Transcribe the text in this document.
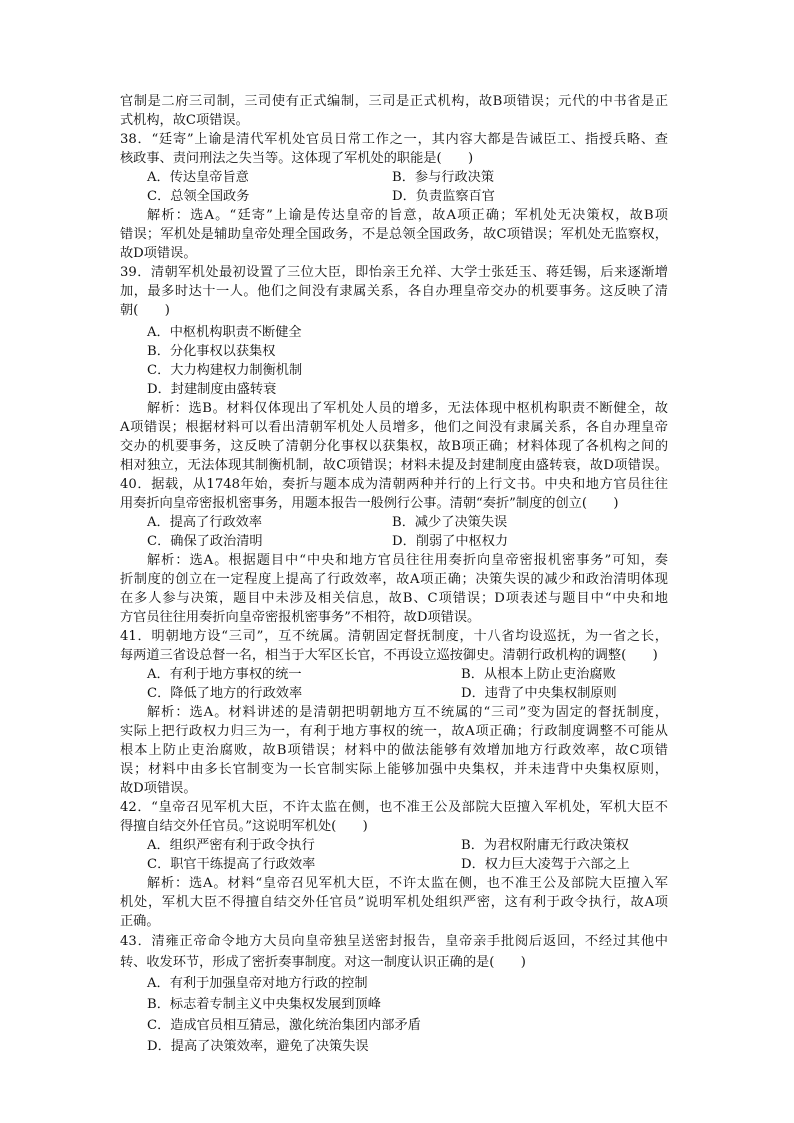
官制是二府三司制，三司使有正式编制，三司是正式机构，故B项错误；元代的中书省是正
式机构，故C项错误。
38．“廷寄”上谕是清代军机处官员日常工作之一，其内容大都是告诫臣工、指授兵略、查
核政事、责问刑法之失当等。这体现了军机处的职能是(　　)
A．传达皇帝旨意	B．参与行政决策
C．总领全国政务	D．负责监察百官
解析：选A。“廷寄”上谕是传达皇帝的旨意，故A项正确；军机处无决策权，故B项
错误；军机处是辅助皇帝处理全国政务，不是总领全国政务，故C项错误；军机处无监察权，
故D项错误。
39．清朝军机处最初设置了三位大臣，即怡亲王允祥、大学士张廷玉、蒋廷锡，后来逐渐增
加，最多时达十一人。他们之间没有隶属关系，各自办理皇帝交办的机要事务。这反映了清
朝(　　)
A．中枢机构职责不断健全
B．分化事权以获集权
C．大力构建权力制衡机制
D．封建制度由盛转衰
解析：选B。材料仅体现出了军机处人员的增多，无法体现中枢机构职责不断健全，故
A项错误；根据材料可以看出清朝军机处人员增多，他们之间没有隶属关系，各自办理皇帝
交办的机要事务，这反映了清朝分化事权以获集权，故B项正确；材料体现了各机构之间的
相对独立，无法体现其制衡机制，故C项错误；材料未提及封建制度由盛转衰，故D项错误。
40．据载，从1748年始，奏折与题本成为清朝两种并行的上行文书。中央和地方官员往往
用奏折向皇帝密报机密事务，用题本报告一般例行公事。清朝“奏折”制度的创立(　　)
A．提高了行政效率	B．减少了决策失误
C．确保了政治清明	D．削弱了中枢权力
解析：选A。根据题目中“中央和地方官员往往用奏折向皇帝密报机密事务”可知，奏
折制度的创立在一定程度上提高了行政效率，故A项正确；决策失误的减少和政治清明体现
在多人参与决策，题目中未涉及相关信息，故B、C项错误；D项表述与题目中“中央和地
方官员往往用奏折向皇帝密报机密事务”不相符，故D项错误。
41．明朝地方设“三司”，互不统属。清朝固定督抚制度，十八省均设巡抚，为一省之长，
每两道三省设总督一名，相当于大军区长官，不再设立巡按御史。清朝行政机构的调整(　　)
A．有利于地方事权的统一	B．从根本上防止吏治腐败
C．降低了地方的行政效率	D．违背了中央集权制原则
解析：选A。材料讲述的是清朝把明朝地方互不统属的“三司”变为固定的督抚制度，
实际上把行政权力归三为一，有利于地方事权的统一，故A项正确；行政制度调整不可能从
根本上防止吏治腐败，故B项错误；材料中的做法能够有效增加地方行政效率，故C项错
误；材料中由多长官制变为一长官制实际上能够加强中央集权，并未违背中央集权原则，
故D项错误。
42．“皇帝召见军机大臣，不许太监在侧，也不准王公及部院大臣擅入军机处，军机大臣不
得擅自结交外任官员。”这说明军机处(　　)
A．组织严密有利于政令执行	B．为君权附庸无行政决策权
C．职官干练提高了行政效率	D．权力巨大凌驾于六部之上
解析：选A。材料“皇帝召见军机大臣，不许太监在侧，也不准王公及部院大臣擅入军
机处，军机大臣不得擅自结交外任官员”说明军机处组织严密，这有利于政令执行，故A项
正确。
43．清雍正帝命令地方大员向皇帝独呈送密封报告，皇帝亲手批阅后返回，不经过其他中
转、收发环节，形成了密折奏事制度。对这一制度认识正确的是(　　)
A．有利于加强皇帝对地方行政的控制
B．标志着专制主义中央集权发展到顶峰
C．造成官员相互猜忌，激化统治集团内部矛盾
D．提高了决策效率，避免了决策失误
